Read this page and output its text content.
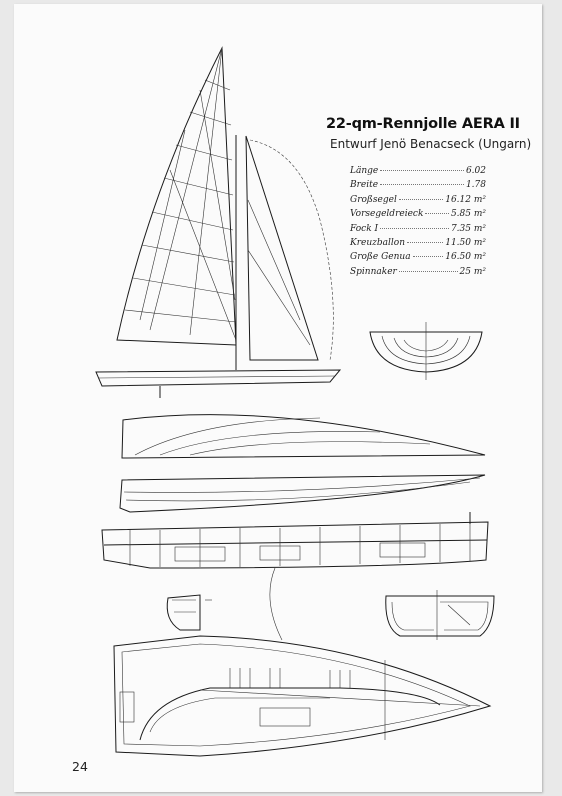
22-qm-Rennjolle AERA II
Entwurf Jenö Benacseck (Ungarn)
Länge	6.02
Breite	1.78
Großsegel	16.12 m²
Vorsegeldreieck	5.85 m²
Fock I	7.35 m²
Kreuzballon	11.50 m²
Große Genua	16.50 m²
Spinnaker	25 m²
24
